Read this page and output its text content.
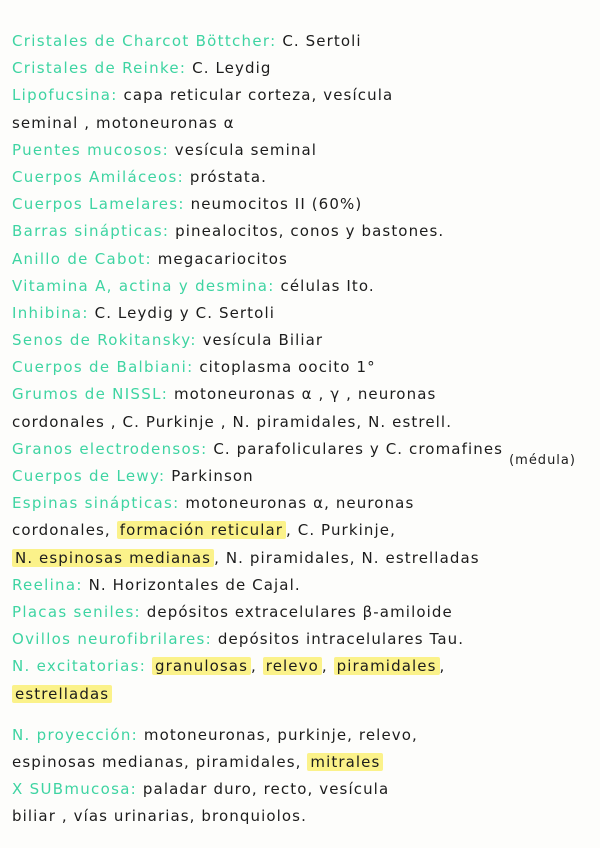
Cristales de Charcot Böttcher: C. Sertoli
Cristales de Reinke: C. Leydig
Lipofucsina: capa reticular corteza, vesícula
seminal , motoneuronas α
Puentes mucosos: vesícula seminal
Cuerpos Amiláceos: próstata.
Cuerpos Lamelares: neumocitos II (60%)
Barras sinápticas: pinealocitos, conos y bastones.
Anillo de Cabot: megacariocitos
Vitamina A, actina y desmina: células Ito.
Inhibina: C. Leydig y C. Sertoli
Senos de Rokitansky: vesícula Biliar
Cuerpos de Balbiani: citoplasma oocito 1°
Grumos de NISSL: motoneuronas α , γ , neuronas
cordonales , C. Purkinje , N. piramidales, N. estrell.
Granos electrodensos: C. parafoliculares y C. cromafines(médula)
Cuerpos de Lewy: Parkinson
Espinas sinápticas: motoneuronas α, neuronas
cordonales, formación reticular , C. Purkinje,
N. espinosas medianas , N. piramidales, N. estrelladas
Reelina: N. Horizontales de Cajal.
Placas seniles: depósitos extracelulares β-amiloide
Ovillos neurofibrilares: depósitos intracelulares Tau.
N. excitatorias: granulosas , relevo , piramidales ,
estrelladas
N. proyección: motoneuronas, purkinje, relevo,
espinosas medianas, piramidales, mitrales
X SUBmucosa: paladar duro, recto, vesícula
biliar , vías urinarias, bronquiolos.
